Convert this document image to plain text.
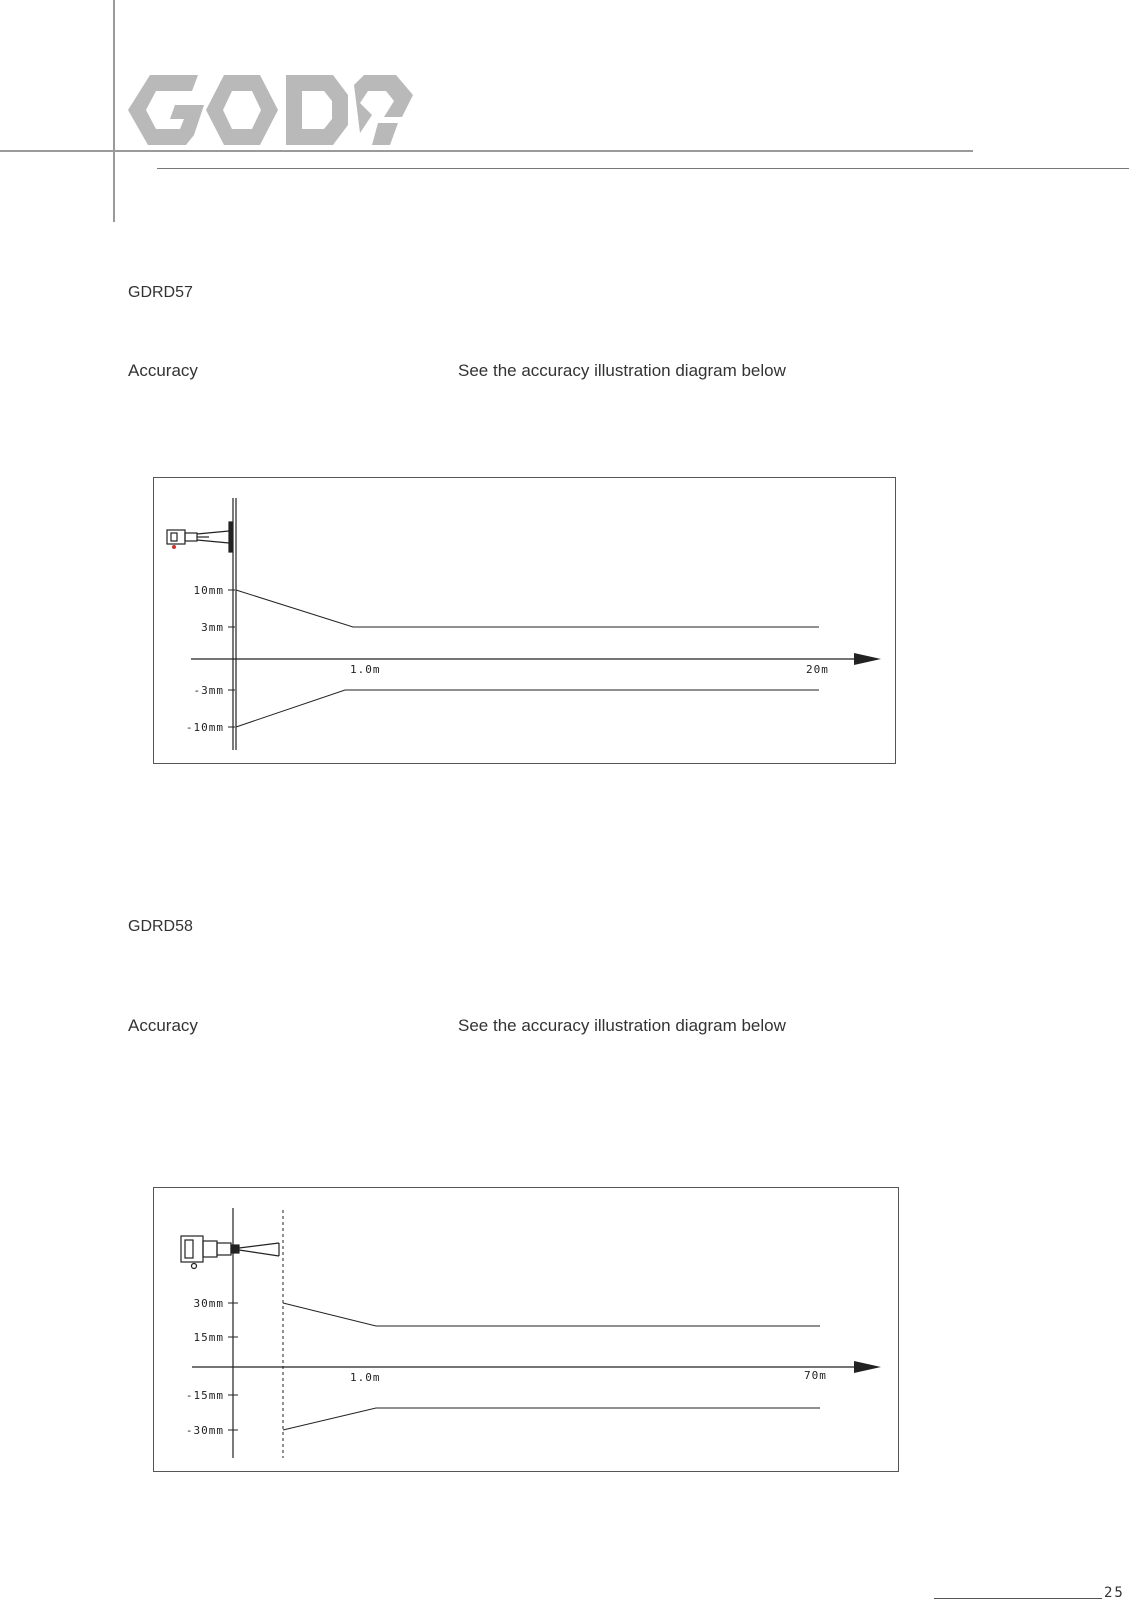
GDRD57
Accuracy	See the accuracy illustration diagram below
10mm
3mm
-3mm
-10mm
1.0m	20m
GDRD58
Accuracy	See the accuracy illustration diagram below
30mm
15mm
-15mm
-30mm
1.0m	70m
25
